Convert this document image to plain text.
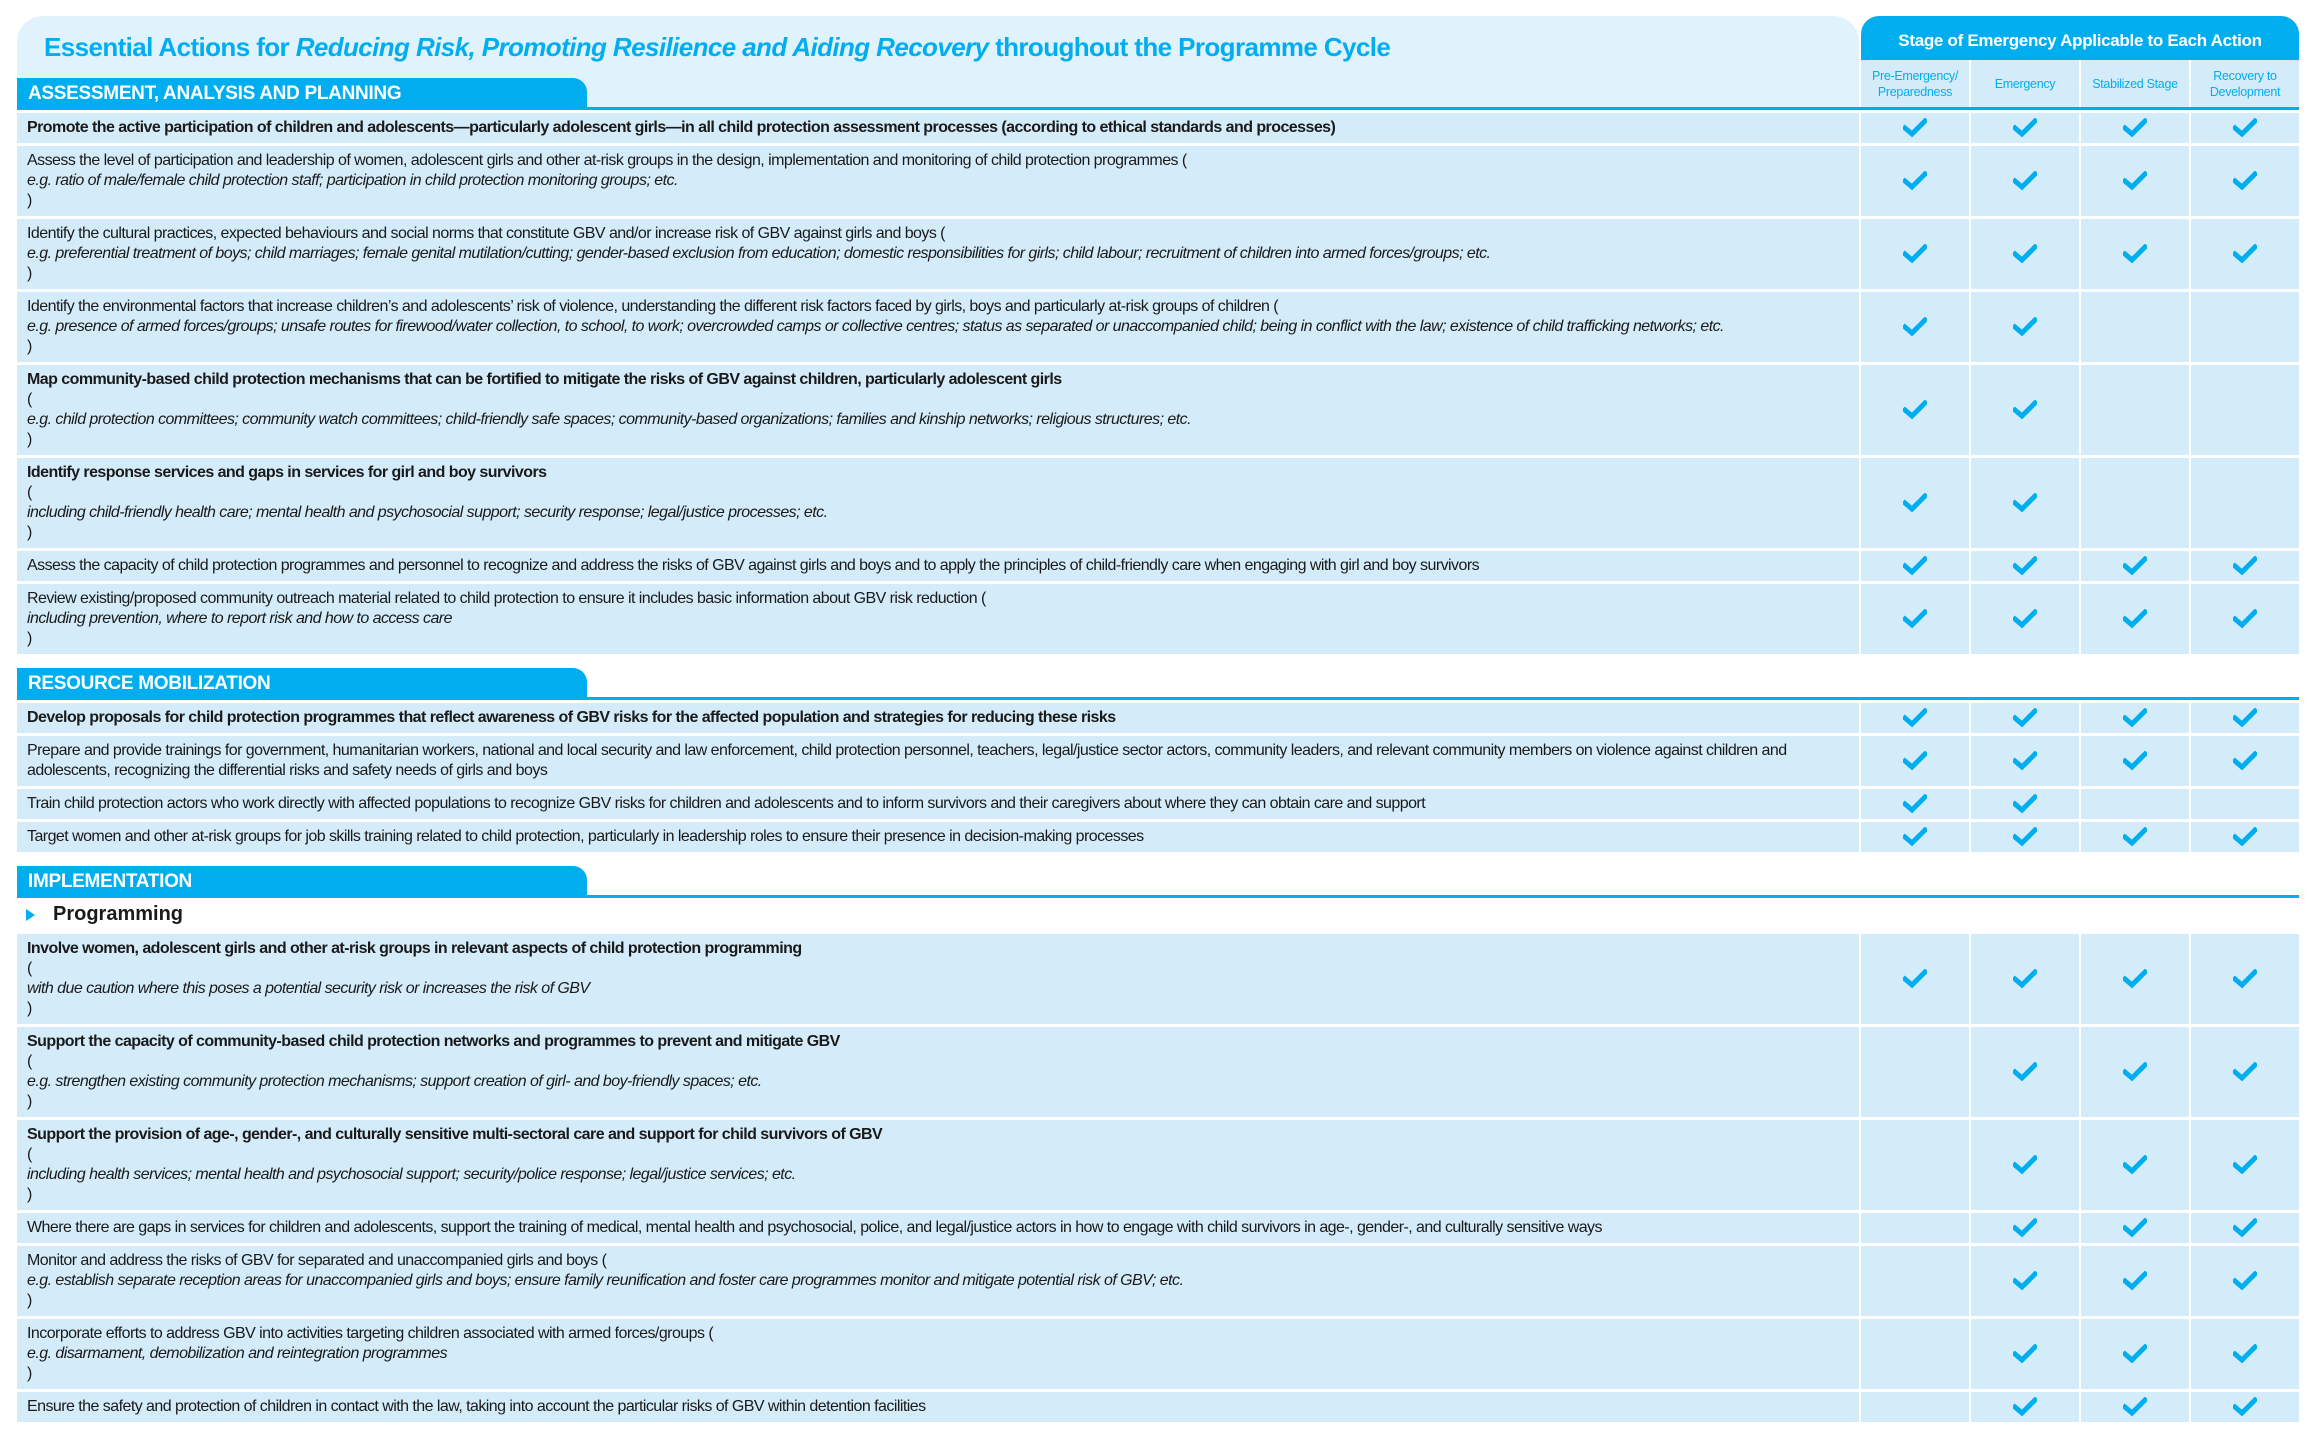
Essential Actions for Reducing Risk, Promoting Resilience and Aiding Recovery throughout the Programme Cycle	Stage of Emergency Applicable to Each Action
Pre-Emergency/ Preparedness
Emergency	Stabilized Stage
Recovery to Development
ASSESSMENT, ANALYSIS AND PLANNING
Promote the active participation of children and adolescents—particularly adolescent girls—in all child protection assessment processes (according to ethical standards and processes)
Assess the level of participation and leadership of women, adolescent girls and other at-risk groups in the design, implementation and monitoring of child protection programmes (
e.g. ratio of male/female child protection staff; participation in child protection monitoring groups; etc.
)
Identify the cultural practices, expected behaviours and social norms that constitute GBV and/or increase risk of GBV against girls and boys (
e.g. preferential treatment of boys; child marriages; female genital mutilation/cutting; gender-based exclusion from education; domestic responsibilities for girls; child labour; recruitment of children into armed forces/groups; etc.
)
Identify the environmental factors that increase children’s and adolescents’ risk of violence, understanding the different risk factors faced by girls, boys and particularly at-risk groups of children (
e.g. presence of armed forces/groups; unsafe routes for firewood/water collection, to school, to work; overcrowded camps or collective centres; status as separated or unaccompanied child; being in conflict with the law; existence of child trafficking networks; etc.
)
Map community-based child protection mechanisms that can be fortified to mitigate the risks of GBV against children, particularly adolescent girls
(
e.g. child protection committees; community watch committees; child-friendly safe spaces; community-based organizations; families and kinship networks; religious structures; etc.
)
Identify response services and gaps in services for girl and boy survivors
(
including child-friendly health care; mental health and psychosocial support; security response; legal/justice processes; etc.
)
Assess the capacity of child protection programmes and personnel to recognize and address the risks of GBV against girls and boys and to apply the principles of child-friendly care when engaging with girl and boy survivors
Review existing/proposed community outreach material related to child protection to ensure it includes basic information about GBV risk reduction (
including prevention, where to report risk and how to access care
)
RESOURCE MOBILIZATION
Develop proposals for child protection programmes that reflect awareness of GBV risks for the affected population and strategies for reducing these risks
Prepare and provide trainings for government, humanitarian workers, national and local security and law enforcement, child protection personnel, teachers, legal/justice sector actors, community leaders, and relevant community members on violence against children and adolescents, recognizing the differential risks and safety needs of girls and boys
Train child protection actors who work directly with affected populations to recognize GBV risks for children and adolescents and to inform survivors and their caregivers about where they can obtain care and support
Target women and other at-risk groups for job skills training related to child protection, particularly in leadership roles to ensure their presence in decision-making processes
IMPLEMENTATION
Programming
Involve women, adolescent girls and other at-risk groups in relevant aspects of child protection programming
(
with due caution where this poses a potential security risk or increases the risk of GBV
)
Support the capacity of community-based child protection networks and programmes to prevent and mitigate GBV
(
e.g. strengthen existing community protection mechanisms; support creation of girl- and boy-friendly spaces; etc.
)
Support the provision of age-, gender-, and culturally sensitive multi-sectoral care and support for child survivors of GBV
(
including health services; mental health and psychosocial support; security/police response; legal/justice services; etc.
)
Where there are gaps in services for children and adolescents, support the training of medical, mental health and psychosocial, police, and legal/justice actors in how to engage with child survivors in age-, gender-, and culturally sensitive ways
Monitor and address the risks of GBV for separated and unaccompanied girls and boys (
e.g. establish separate reception areas for unaccompanied girls and boys; ensure family reunification and foster care programmes monitor and mitigate potential risk of GBV; etc.
)
Incorporate efforts to address GBV into activities targeting children associated with armed forces/groups (
e.g. disarmament, demobilization and reintegration programmes
)
Ensure the safety and protection of children in contact with the law, taking into account the particular risks of GBV within detention facilities
